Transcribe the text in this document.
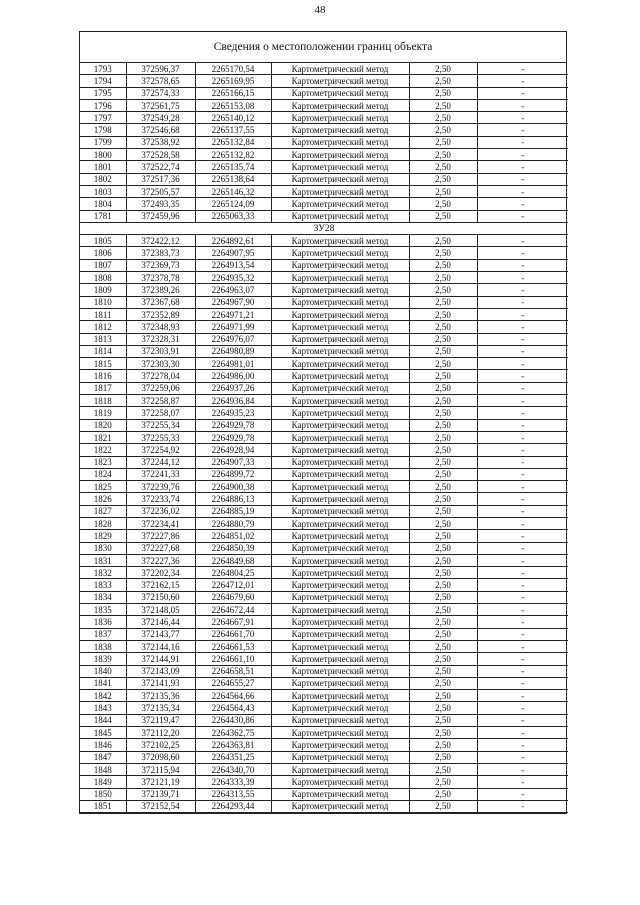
48
Сведения о местоположении границ объекта
1793	372596,37	2265170,54	Картометрический метод	2,50	-
1794	372578,65	2265169,95	Картометрический метод	2,50	-
1795	372574,33	2265166,15	Картометрический метод	2,50	-
1796	372561,75	2265153,08	Картометрический метод	2,50	-
1797	372549,28	2265140,12	Картометрический метод	2,50	-
1798	372546,68	2265137,55	Картометрический метод	2,50	-
1799	372538,92	2265132,84	Картометрический метод	2,50	-
1800	372528,58	2265132,82	Картометрический метод	2,50	-
1801	372522,74	2265135,74	Картометрический метод	2,50	-
1802	372517,36	2265138,64	Картометрический метод	2,50	-
1803	372505,57	2265146,32	Картометрический метод	2,50	-
1804	372493,35	2265124,09	Картометрический метод	2,50	-
1781	372459,96	2265063,33	Картометрический метод	2,50	-
ЗУ28					
1805	372422,12	2264892,61	Картометрический метод	2,50	-
1806	372383,73	2264907,95	Картометрический метод	2,50	-
1807	372369,73	2264913,54	Картометрический метод	2,50	-
1808	372378,78	2264935,32	Картометрический метод	2,50	-
1809	372389,26	2264963,07	Картометрический метод	2,50	-
1810	372367,68	2264967,90	Картометрический метод	2,50	-
1811	372352,89	2264971,21	Картометрический метод	2,50	-
1812	372348,93	2264971,99	Картометрический метод	2,50	-
1813	372328,31	2264976,07	Картометрический метод	2,50	-
1814	372303,91	2264980,89	Картометрический метод	2,50	-
1815	372303,30	2264981,01	Картометрический метод	2,50	-
1816	372278,04	2264986,00	Картометрический метод	2,50	-
1817	372259,06	2264937,26	Картометрический метод	2,50	-
1818	372258,87	2264936,84	Картометрический метод	2,50	-
1819	372258,07	2264935,23	Картометрический метод	2,50	-
1820	372255,34	2264929,78	Картометрический метод	2,50	-
1821	372255,33	2264929,78	Картометрический метод	2,50	-
1822	372254,92	2264928,94	Картометрический метод	2,50	-
1823	372244,12	2264907,33	Картометрический метод	2,50	-
1824	372241,33	2264899,72	Картометрический метод	2,50	-
1825	372239,76	2264900,38	Картометрический метод	2,50	-
1826	372233,74	2264886,13	Картометрический метод	2,50	-
1827	372236,02	2264885,19	Картометрический метод	2,50	-
1828	372234,41	2264880,79	Картометрический метод	2,50	-
1829	372227,86	2264851,02	Картометрический метод	2,50	-
1830	372227,68	2264850,39	Картометрический метод	2,50	-
1831	372227,36	2264849,68	Картометрический метод	2,50	-
1832	372202,34	2264804,25	Картометрический метод	2,50	-
1833	372162,15	2264712,01	Картометрический метод	2,50	-
1834	372150,60	2264679,60	Картометрический метод	2,50	-
1835	372148,05	2264672,44	Картометрический метод	2,50	-
1836	372146,44	2264667,91	Картометрический метод	2,50	-
1837	372143,77	2264661,70	Картометрический метод	2,50	-
1838	372144,16	2264661,53	Картометрический метод	2,50	-
1839	372144,91	2264661,10	Картометрический метод	2,50	-
1840	372143,09	2264658,51	Картометрический метод	2,50	-
1841	372141,93	2264655,27	Картометрический метод	2,50	-
1842	372135,36	2264564,66	Картометрический метод	2,50	-
1843	372135,34	2264564,43	Картометрический метод	2,50	-
1844	372119,47	2264430,86	Картометрический метод	2,50	-
1845	372112,20	2264362,75	Картометрический метод	2,50	-
1846	372102,25	2264363,81	Картометрический метод	2,50	-
1847	372098,60	2264351,25	Картометрический метод	2,50	-
1848	372115,94	2264340,70	Картометрический метод	2,50	-
1849	372121,19	2264333,39	Картометрический метод	2,50	-
1850	372139,71	2264313,55	Картометрический метод	2,50	-
1851	372152,54	2264293,44	Картометрический метод	2,50	-
